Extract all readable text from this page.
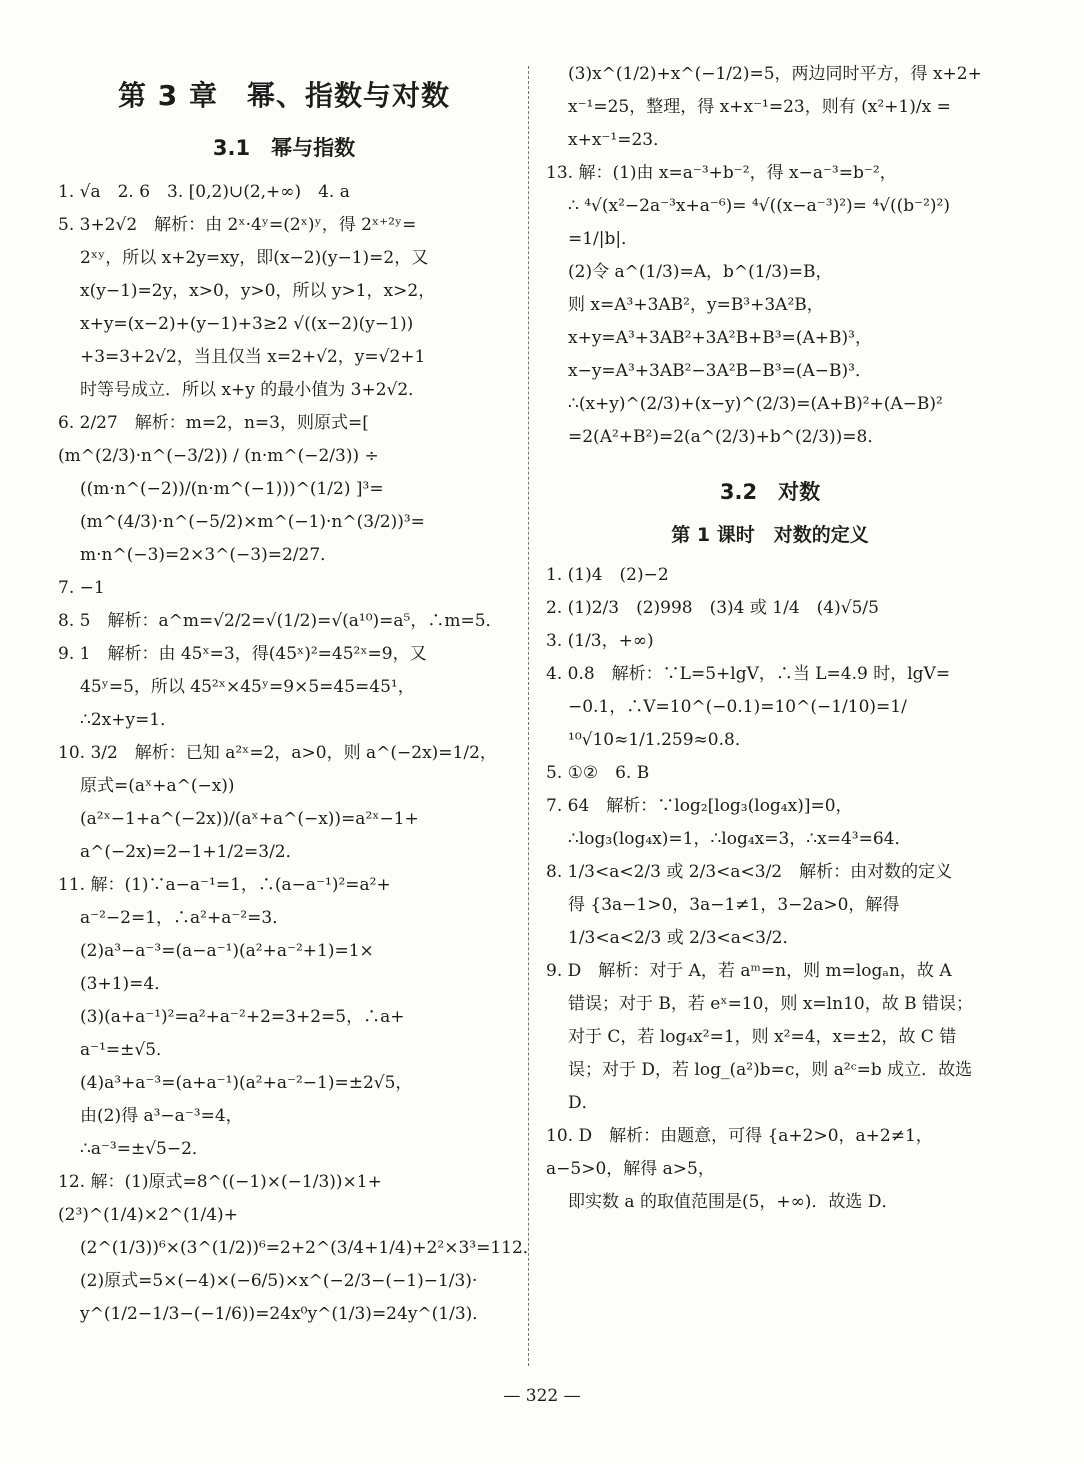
第 3 章　幂、指数与对数
3.1　幂与指数

1. √a　2. 6　3. [0,2)∪(2,+∞)　4. a

5. 3+2√2　解析：由 2ˣ·4ʸ=(2ˣ)ʸ，得 2ˣ⁺²ʸ=

2ˣʸ，所以 x+2y=xy，即(x−2)(y−1)=2，又

x(y−1)=2y，x>0，y>0，所以 y>1，x>2，

x+y=(x−2)+(y−1)+3≥2 √((x−2)(y−1))

+3=3+2√2，当且仅当 x=2+√2，y=√2+1

时等号成立．所以 x+y 的最小值为 3+2√2．

6. 2/27　解析：m=2，n=3，则原式=[ (m^(2/3)·n^(−3/2)) / (n·m^(−2/3)) ÷

((m·n^(−2))/(n·m^(−1)))^(1/2) ]³=(m^(4/3)·n^(−5/2)×m^(−1)·n^(3/2))³=

m·n^(−3)=2×3^(−3)=2/27．

7. −1

8. 5　解析：a^m=√2/2=√(1/2)=√(a¹⁰)=a⁵，∴m=5．

9. 1　解析：由 45ˣ=3，得(45ˣ)²=45²ˣ=9，又

45ʸ=5，所以 45²ˣ×45ʸ=9×5=45=45¹，

∴2x+y=1．

10. 3/2　解析：已知 a²ˣ=2，a>0，则 a^(−2x)=1/2，

原式=(aˣ+a^(−x))(a²ˣ−1+a^(−2x))/(aˣ+a^(−x))=a²ˣ−1+

a^(−2x)=2−1+1/2=3/2．

11. 解：(1)∵a−a⁻¹=1，∴(a−a⁻¹)²=a²+

a⁻²−2=1，∴a²+a⁻²=3．

(2)a³−a⁻³=(a−a⁻¹)(a²+a⁻²+1)=1×

(3+1)=4．

(3)(a+a⁻¹)²=a²+a⁻²+2=3+2=5，∴a+

a⁻¹=±√5．

(4)a³+a⁻³=(a+a⁻¹)(a²+a⁻²−1)=±2√5，

由(2)得 a³−a⁻³=4，

∴a⁻³=±√5−2．

12. 解：(1)原式=8^((−1)×(−1/3))×1+(2³)^(1/4)×2^(1/4)+

(2^(1/3))⁶×(3^(1/2))⁶=2+2^(3/4+1/4)+2²×3³=112．

(2)原式=5×(−4)×(−6/5)×x^(−2/3−(−1)−1/3)·

y^(1/2−1/3−(−1/6))=24x⁰y^(1/3)=24y^(1/3)．

(3)x^(1/2)+x^(−1/2)=5，两边同时平方，得 x+2+

x⁻¹=25，整理，得 x+x⁻¹=23，则有 (x²+1)/x =

x+x⁻¹=23．

13. 解：(1)由 x=a⁻³+b⁻²，得 x−a⁻³=b⁻²，

∴ ⁴√(x²−2a⁻³x+a⁻⁶)= ⁴√((x−a⁻³)²)= ⁴√((b⁻²)²)

=1/|b|．

(2)令 a^(1/3)=A，b^(1/3)=B，

则 x=A³+3AB²，y=B³+3A²B，

x+y=A³+3AB²+3A²B+B³=(A+B)³，

x−y=A³+3AB²−3A²B−B³=(A−B)³．

∴(x+y)^(2/3)+(x−y)^(2/3)=(A+B)²+(A−B)²

=2(A²+B²)=2(a^(2/3)+b^(2/3))=8．

3.2　对数
第 1 课时　对数的定义

1. (1)4　(2)−2

2. (1)2/3　(2)998　(3)4 或 1/4　(4)√5/5

3. (1/3，+∞)

4. 0.8　解析：∵L=5+lgV，∴当 L=4.9 时，lgV=

−0.1，∴V=10^(−0.1)=10^(−1/10)=1/¹⁰√10≈1/1.259≈0.8．

5. ①②　6. B

7. 64　解析：∵log₂[log₃(log₄x)]=0，

∴log₃(log₄x)=1，∴log₄x=3，∴x=4³=64．

8. 1/3<a<2/3 或 2/3<a<3/2　解析：由对数的定义

得 {3a−1>0，3a−1≠1，3−2a>0，解得 1/3<a<2/3 或 2/3<a<3/2．

9. D　解析：对于 A，若 aᵐ=n，则 m=logₐn，故 A

错误；对于 B，若 eˣ=10，则 x=ln10，故 B 错误；

对于 C，若 log₄x²=1，则 x²=4，x=±2，故 C 错

误；对于 D，若 log_(a²)b=c，则 a²ᶜ=b 成立．故选 D．

10. D　解析：由题意，可得 {a+2>0，a+2≠1，a−5>0，解得 a>5，

即实数 a 的取值范围是(5，+∞)．故选 D．

— 322 —
